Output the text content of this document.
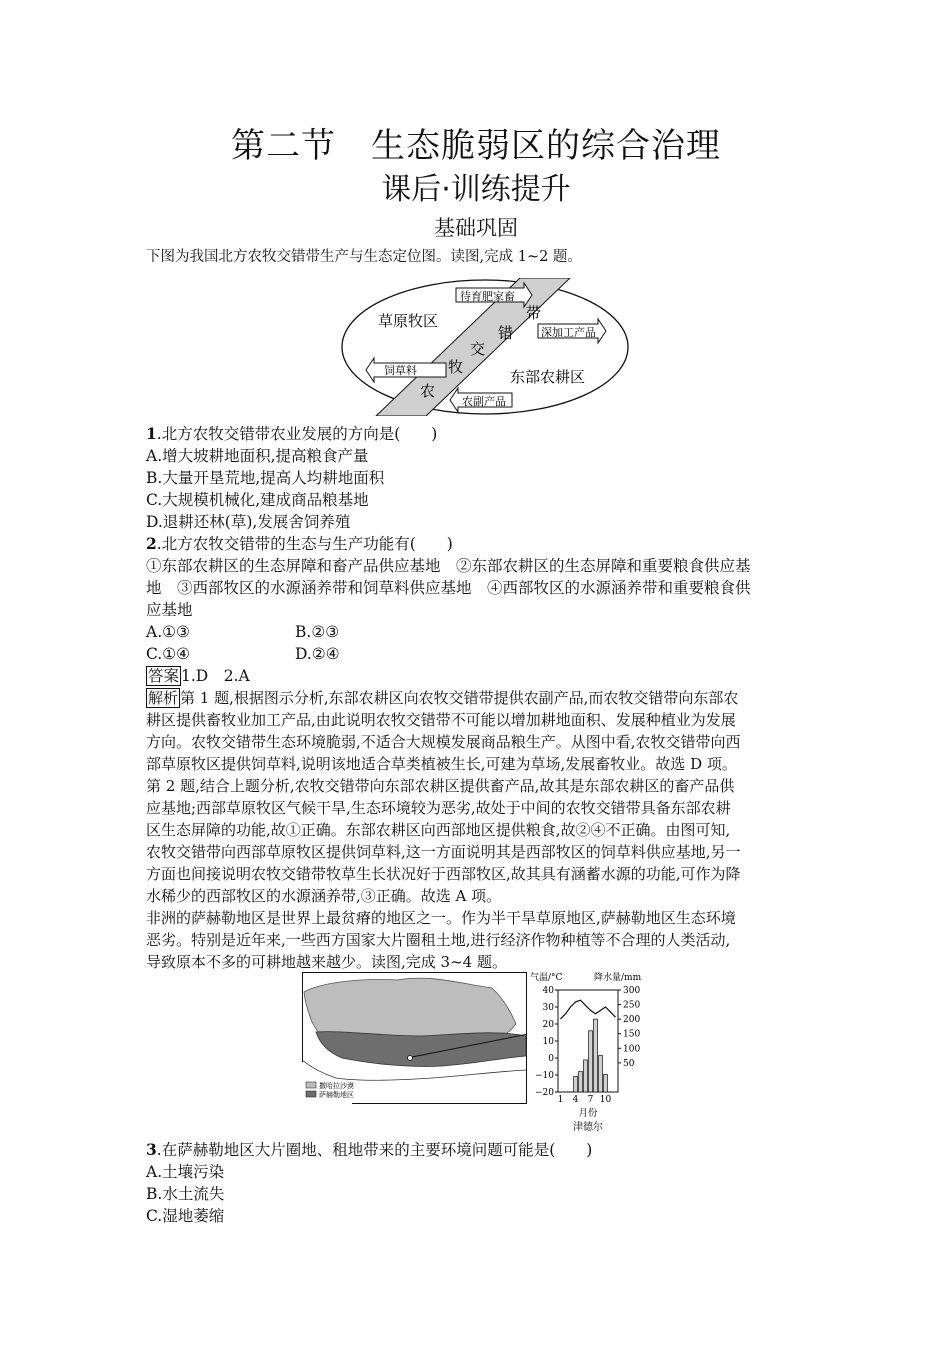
第二节　生态脆弱区的综合治理
课后·训练提升
基础巩固
下图为我国北方农牧交错带生产与生态定位图。读图,完成 1~2 题。
待育肥家畜
深加工产品
饲草料
农副产品
草原牧区
东部农耕区
农
牧
交
错
带
1.北方农牧交错带农业发展的方向是(　　)
A.增大坡耕地面积,提高粮食产量
B.大量开垦荒地,提高人均耕地面积
C.大规模机械化,建成商品粮基地
D.退耕还林(草),发展舍饲养殖
2.北方农牧交错带的生态与生产功能有(　　)
①东部农耕区的生态屏障和畜产品供应基地　②东部农耕区的生态屏障和重要粮食供应基
地　③西部牧区的水源涵养带和饲草料供应基地　④西部牧区的水源涵养带和重要粮食供
应基地
A.①③	B.②③
C.①④	D.②④
答案 1.D　2.A
解析 第 1 题,根据图示分析,东部农耕区向农牧交错带提供农副产品,而农牧交错带向东部农
耕区提供畜牧业加工产品,由此说明农牧交错带不可能以增加耕地面积、发展种植业为发展
方向。农牧交错带生态环境脆弱,不适合大规模发展商品粮生产。从图中看,农牧交错带向西
部草原牧区提供饲草料,说明该地适合草类植被生长,可建为草场,发展畜牧业。故选 D 项。
第 2 题,结合上题分析,农牧交错带向东部农耕区提供畜产品,故其是东部农耕区的畜产品供
应基地;西部草原牧区气候干旱,生态环境较为恶劣,故处于中间的农牧交错带具备东部农耕
区生态屏障的功能,故①正确。东部农耕区向西部地区提供粮食,故②④不正确。由图可知,
农牧交错带向西部草原牧区提供饲草料,这一方面说明其是西部牧区的饲草料供应基地,另一
方面也间接说明农牧交错带牧草生长状况好于西部牧区,故其具有涵蓄水源的功能,可作为降
水稀少的西部牧区的水源涵养带,③正确。故选 A 项。
非洲的萨赫勒地区是世界上最贫瘠的地区之一。作为半干旱草原地区,萨赫勒地区生态环境
恶劣。特别是近年来,一些西方国家大片圈租土地,进行经济作物种植等不合理的人类活动,
导致原本不多的可耕地越来越少。读图,完成 3~4 题。
撒哈拉沙漠
萨赫勒地区
气温/°C	降水量/mm
40
30
20
10
0
−10
−20
300
250
200
150
100
50
1 4 7 10
月份
津德尔
3.在萨赫勒地区大片圈地、租地带来的主要环境问题可能是(　　)
A.土壤污染
B.水土流失
C.湿地萎缩
